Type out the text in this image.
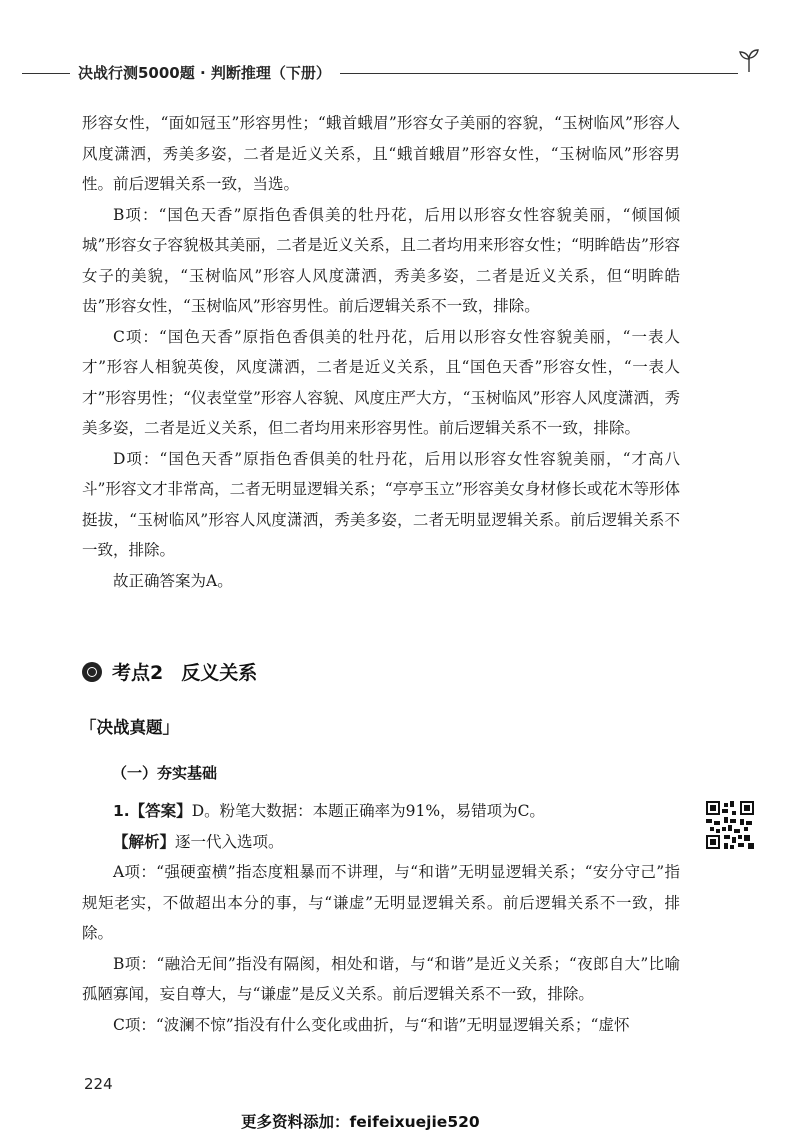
决战行测5000题 · 判断推理（下册）

形容女性，“面如冠玉”形容男性；“蛾首蛾眉”形容女子美丽的容貌，“玉树临风”形容人风度潇洒，秀美多姿，二者是近义关系，且“蛾首蛾眉”形容女性，“玉树临风”形容男性。前后逻辑关系一致，当选。

B项：“国色天香”原指色香俱美的牡丹花，后用以形容女性容貌美丽，“倾国倾城”形容女子容貌极其美丽，二者是近义关系，且二者均用来形容女性；“明眸皓齿”形容女子的美貌，“玉树临风”形容人风度潇洒，秀美多姿，二者是近义关系，但“明眸皓齿”形容女性，“玉树临风”形容男性。前后逻辑关系不一致，排除。

C项：“国色天香”原指色香俱美的牡丹花，后用以形容女性容貌美丽，“一表人才”形容人相貌英俊，风度潇洒，二者是近义关系，且“国色天香”形容女性，“一表人才”形容男性；“仪表堂堂”形容人容貌、风度庄严大方，“玉树临风”形容人风度潇洒，秀美多姿，二者是近义关系，但二者均用来形容男性。前后逻辑关系不一致，排除。

D项：“国色天香”原指色香俱美的牡丹花，后用以形容女性容貌美丽，“才高八斗”形容文才非常高，二者无明显逻辑关系；“亭亭玉立”形容美女身材修长或花木等形体挺拔，“玉树临风”形容人风度潇洒，秀美多姿，二者无明显逻辑关系。前后逻辑关系不一致，排除。

故正确答案为A。

考点2 反义关系
「决战真题」
（一）夯实基础

1.【答案】D。粉笔大数据：本题正确率为91%，易错项为C。

【解析】逐一代入选项。

A项：“强硬蛮横”指态度粗暴而不讲理，与“和谐”无明显逻辑关系；“安分守己”指规矩老实，不做超出本分的事，与“谦虚”无明显逻辑关系。前后逻辑关系不一致，排除。

B项：“融洽无间”指没有隔阂，相处和谐，与“和谐”是近义关系；“夜郎自大”比喻孤陋寡闻，妄自尊大，与“谦虚”是反义关系。前后逻辑关系不一致，排除。

C项：“波澜不惊”指没有什么变化或曲折，与“和谐”无明显逻辑关系；“虚怀

224
更多资料添加：feifeixuejie520
